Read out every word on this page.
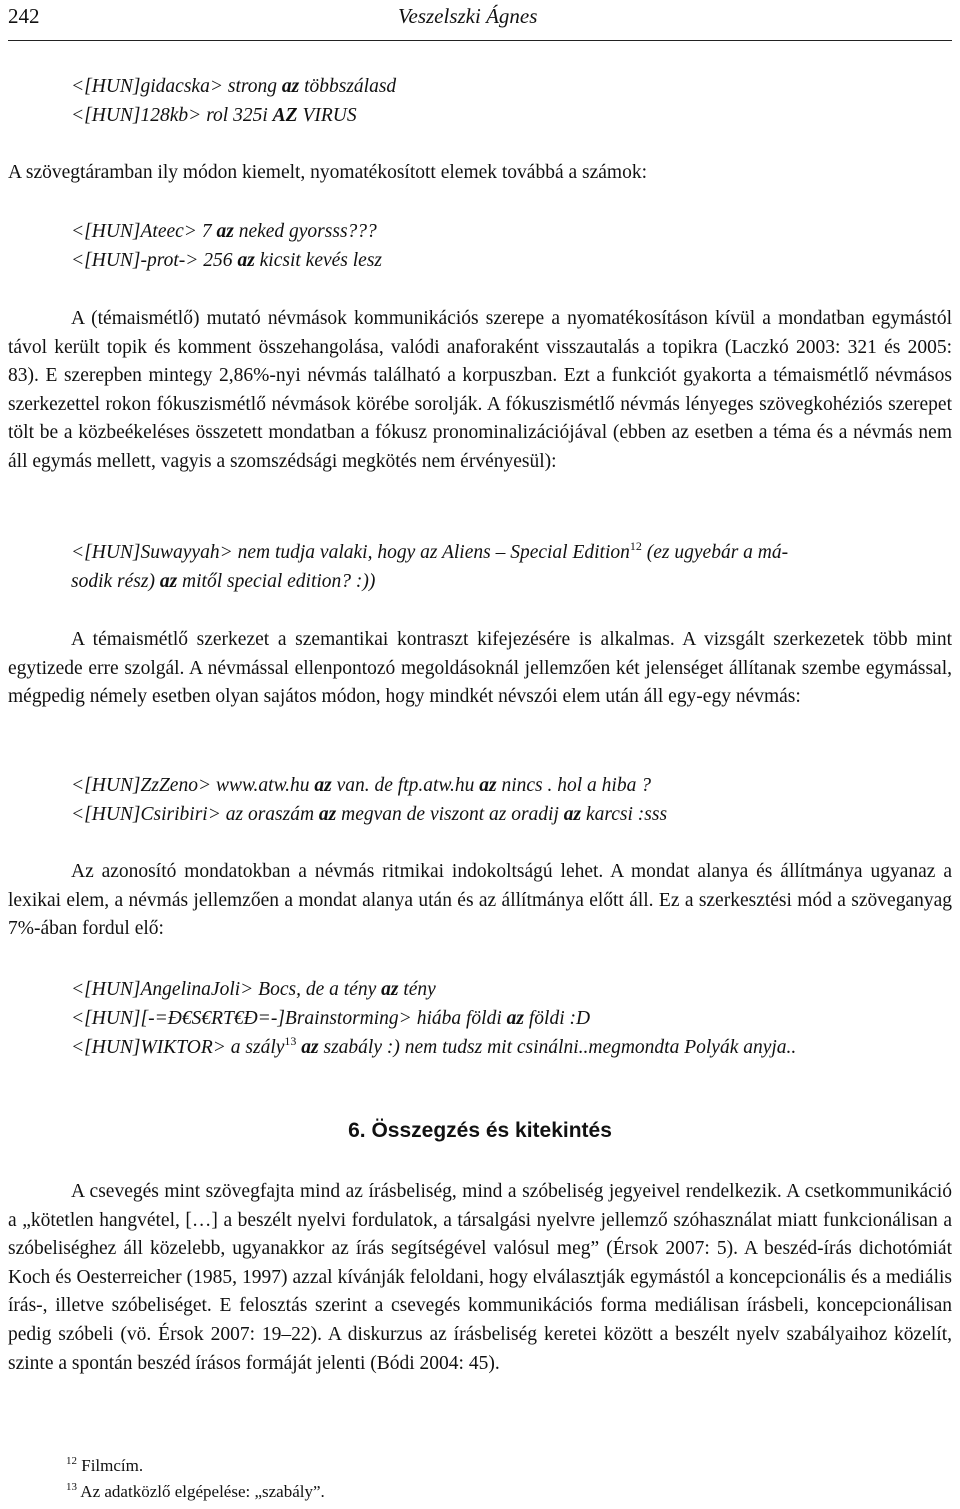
242	Veszelszki Ágnes
<[HUN]gidacska> strong az többszálasd
<[HUN]128kb> rol 325i AZ VIRUS

A szövegtáramban ily módon kiemelt, nyomatékosított elemek továbbá a számok:

<[HUN]Ateec> 7 az neked gyorsss???
<[HUN]-prot-> 256 az kicsit kevés lesz

A (témaismétlő) mutató névmások kommunikációs szerepe a nyomatékosításon kívül a mondatban egymástól távol került topik és komment összehangolása, valódi anaforaként visszautalás a topikra (Laczkó 2003: 321 és 2005: 83). E szerepben mintegy 2,86%-nyi névmás található a korpuszban. Ezt a funkciót gyakorta a témaismétlő névmásos szerkezettel rokon fókuszismétlő névmások körébe sorolják. A fókuszismétlő névmás lényeges szövegkohéziós szerepet tölt be a közbeékeléses összetett mondatban a fókusz pronominalizációjával (ebben az esetben a téma és a névmás nem áll egymás mellett, vagyis a szomszédsági megkötés nem érvényesül):

<[HUN]Suwayyah> nem tudja valaki, hogy az Aliens – Special Edition$^{12}$ (ez ugyebár a má-
sodik rész) az mitől special edition? :))

A témaismétlő szerkezet a szemantikai kontraszt kifejezésére is alkalmas. A vizsgált szerkezetek több mint egytizede erre szolgál. A névmással ellenpontozó megoldásoknál jellemzően két jelenséget állítanak szembe egymással, mégpedig némely esetben olyan sajátos módon, hogy mindkét névszói elem után áll egy-egy névmás:

<[HUN]ZzZeno> www.atw.hu az van. de ftp.atw.hu az nincs . hol a hiba ?
<[HUN]Csiribiri> az oraszám az megvan de viszont az oradij az karcsi :sss

Az azonosító mondatokban a névmás ritmikai indokoltságú lehet. A mondat alanya és állítmánya ugyanaz a lexikai elem, a névmás jellemzően a mondat alanya után és az állítmánya előtt áll. Ez a szerkesztési mód a szöveganyag 7%-ában fordul elő:

<[HUN]AngelinaJoli> Bocs, de a tény az tény
<[HUN][-=Ð€S€RT€Ð=-]Brainstorming> hiába földi az földi :D
<[HUN]WIKTOR> a szály$^{13}$ az szabály :) nem tudsz mit csinálni..megmondta Polyák anyja..
6. Összegzés és kitekintés

A csevegés mint szövegfajta mind az írásbeliség, mind a szóbeliség jegyeivel rendelkezik. A csetkommunikáció a „kötetlen hangvétel, […] a beszélt nyelvi fordulatok, a társalgási nyelvre jellemző szóhasználat miatt funkcionálisan a szóbeliséghez áll közelebb, ugyanakkor az írás segítségével valósul meg” (Érsok 2007: 5). A beszéd-írás dichotómiát Koch és Oesterreicher (1985, 1997) azzal kívánják feloldani, hogy elválasztják egymástól a koncepcionális és a mediális írás-, illetve szóbeliséget. E felosztás szerint a csevegés kommunikációs forma mediálisan írásbeli, koncepcionálisan pedig szóbeli (vö. Érsok 2007: 19–22). A diskurzus az írásbeliség keretei között a beszélt nyelv szabályaihoz közelít, szinte a spontán beszéd írásos formáját jelenti (Bódi 2004: 45).

$^{12}$ Filmcím.
$^{13}$ Az adatközlő elgépelése: „szabály”.
